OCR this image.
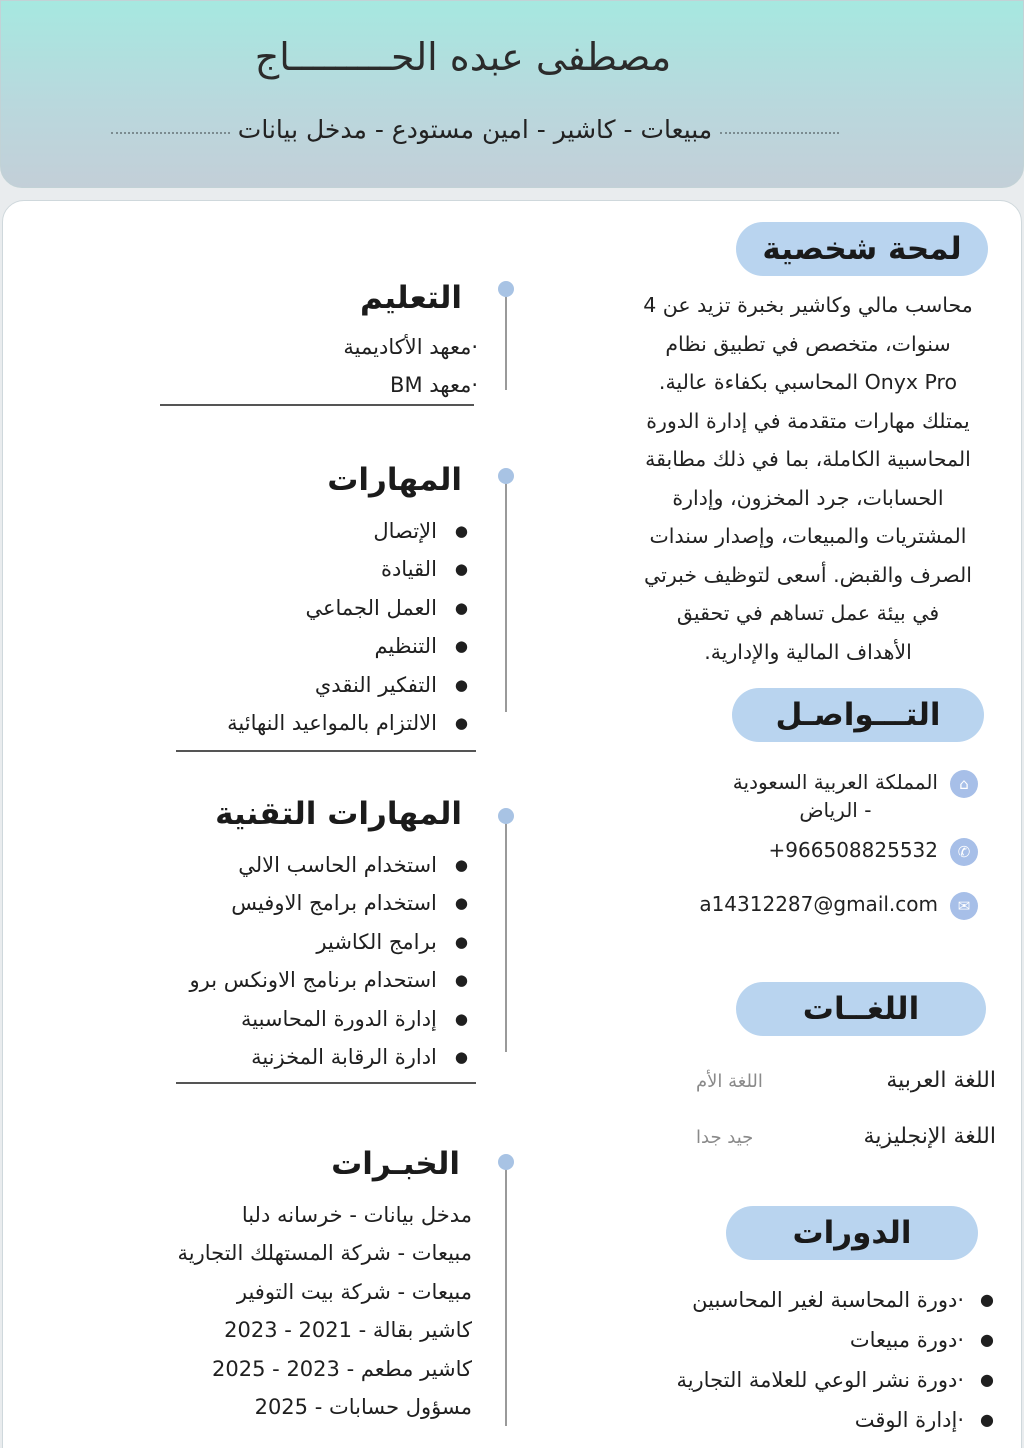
مصطفى عبده الحـــــــــاج
مبيعات - كاشير - امين مستودع - مدخل بيانات
لمحة شخصية
محاسب مالي وكاشير بخبرة تزيد عن 4
سنوات، متخصص في تطبيق نظام
Onyx Pro المحاسبي بكفاءة عالية.
يمتلك مهارات متقدمة في إدارة الدورة
المحاسبية الكاملة، بما في ذلك مطابقة
الحسابات، جرد المخزون، وإدارة
المشتريات والمبيعات، وإصدار سندات
الصرف والقبض. أسعى لتوظيف خبرتي
في بيئة عمل تساهم في تحقيق
الأهداف المالية والإدارية.
التـــواصـل
⌂
المملكة العربية السعودية
- الرياض
✆
+966508825532
✉
a14312287@gmail.com
اللغــات
اللغة العربية
اللغة الأم
اللغة الإنجليزية
جيد جدا
الدورات
●
·دورة المحاسبة لغير المحاسبين
●
·دورة مبيعات
●
·دورة نشر الوعي للعلامة التجارية
●
·إدارة الوقت
التعليم
·معهد الأكاديمية
·معهد BM
المهارات
●
الإتصال
●
القيادة
●
العمل الجماعي
●
التنظيم
●
التفكير النقدي
●
الالتزام بالمواعيد النهائية
المهارات التقنية
●
استخدام الحاسب الالي
●
استخدام برامج الاوفيس
●
برامج الكاشير
●
استحدام برنامج الاونكس برو
●
إدارة الدورة المحاسبية
●
ادارة الرقابة المخزنية
الخبـرات
مدخل بيانات - خرسانه دلبا
مبيعات - شركة المستهلك التجارية
مبيعات - شركة بيت التوفير
كاشير بقالة - 2021 - 2023
كاشير مطعم - 2023 - 2025
مسؤول حسابات - 2025
